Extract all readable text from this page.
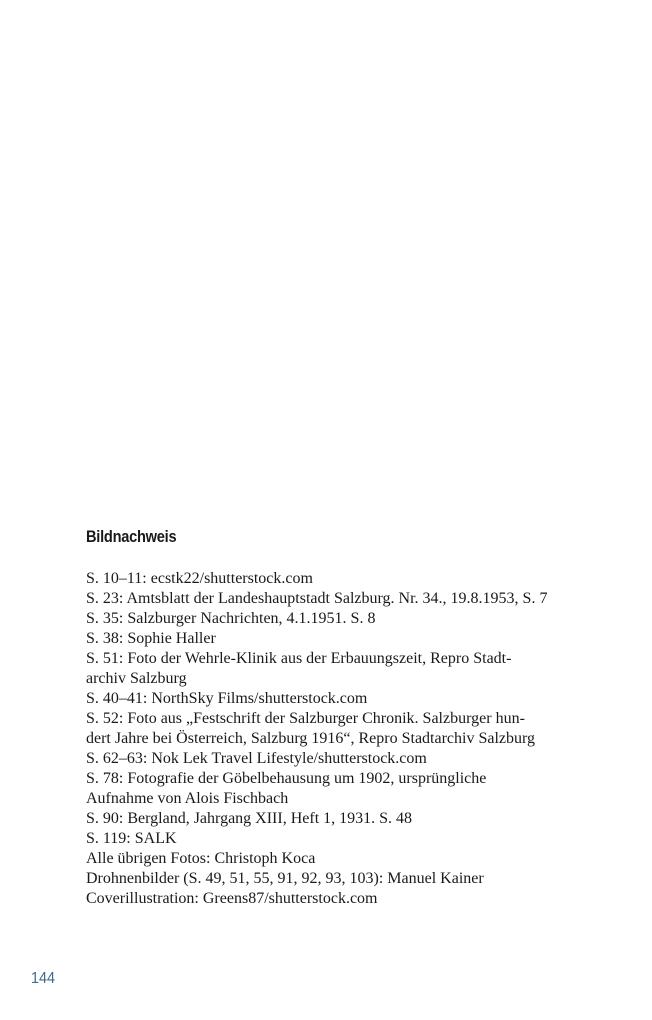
Bildnachweis
S. 10–11: ecstk22/shutterstock.com
S. 23: Amtsblatt der Landeshauptstadt Salzburg. Nr. 34., 19.8.1953, S. 7
S. 35: Salzburger Nachrichten, 4.1.1951. S. 8
S. 38: Sophie Haller
S. 51: Foto der Wehrle-Klinik aus der Erbauungszeit, Repro Stadt-
archiv Salzburg
S. 40–41: NorthSky Films/shutterstock.com
S. 52: Foto aus „Festschrift der Salzburger Chronik. Salzburger hun-
dert Jahre bei Österreich, Salzburg 1916“, Repro Stadtarchiv Salzburg
S. 62–63: Nok Lek Travel Lifestyle/shutterstock.com
S. 78: Fotografie der Göbelbehausung um 1902, ursprüngliche
Aufnahme von Alois Fischbach
S. 90: Bergland, Jahrgang XIII, Heft 1, 1931. S. 48
S. 119: SALK
Alle übrigen Fotos: Christoph Koca
Drohnenbilder (S. 49, 51, 55, 91, 92, 93, 103): Manuel Kainer
Coverillustration: Greens87/shutterstock.com
144
